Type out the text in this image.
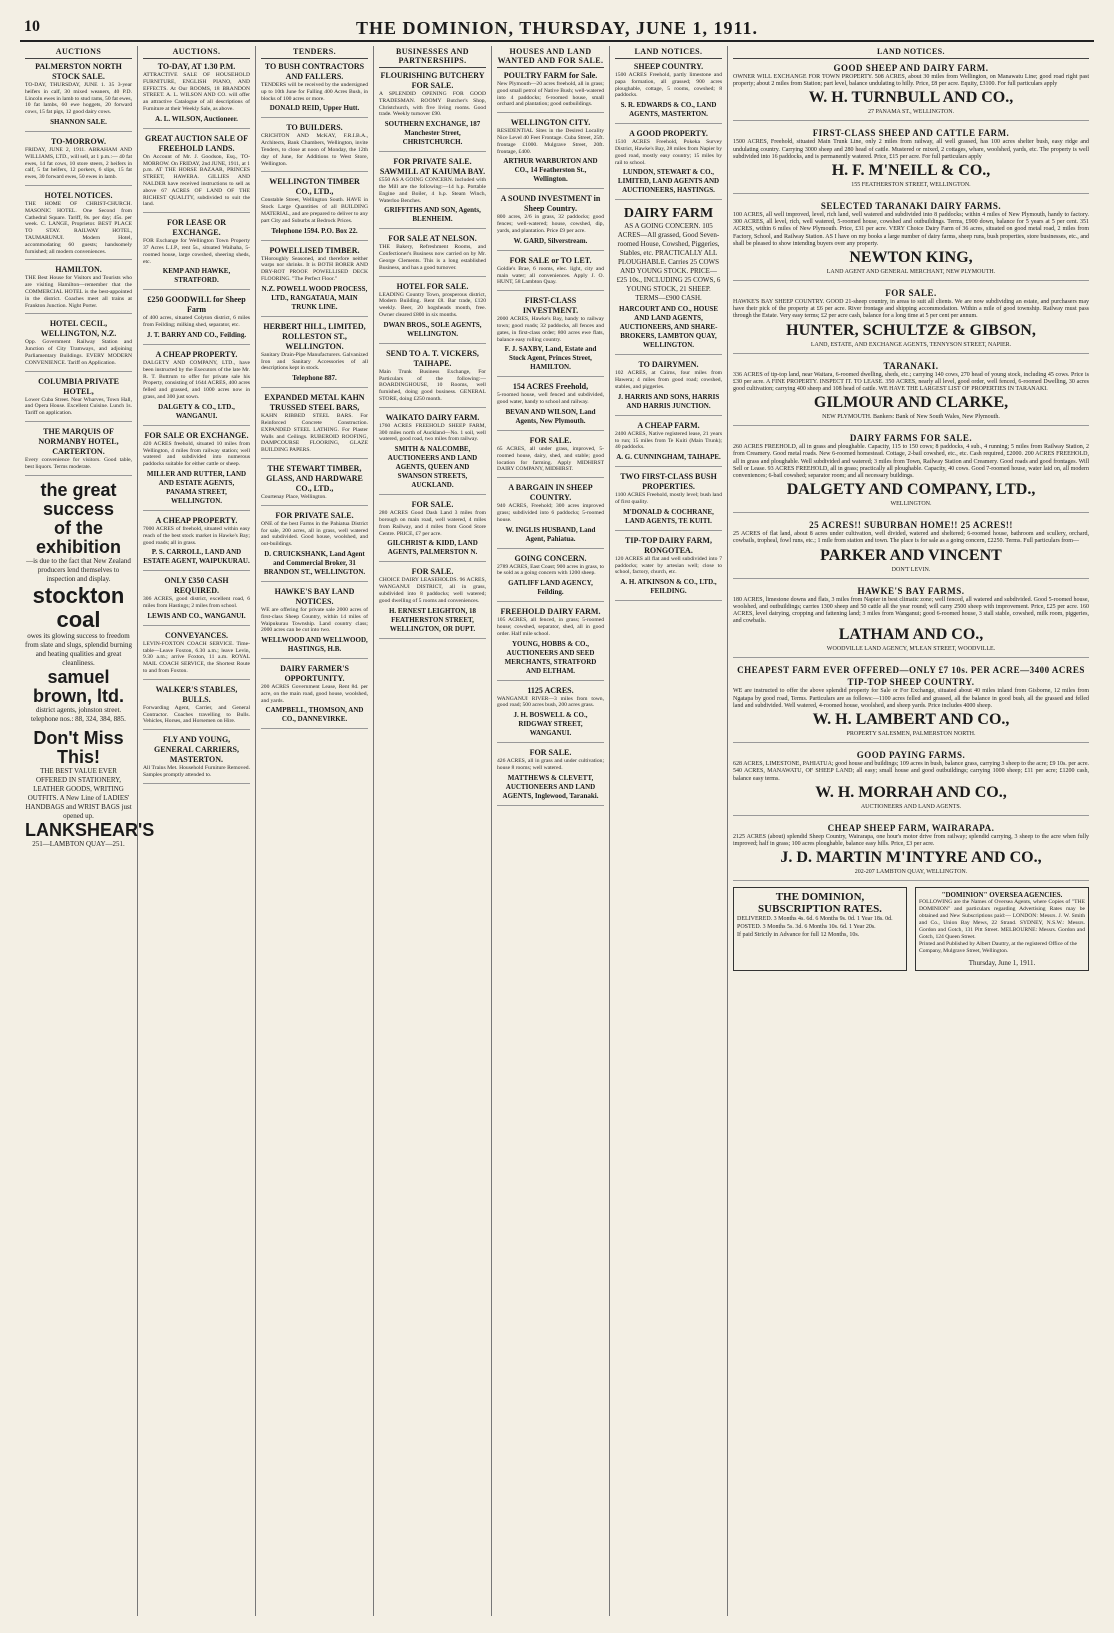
10	THE DOMINION, THURSDAY, JUNE 1, 1911.
AUCTIONS
PALMERSTON NORTH STOCK SALE.
TO-DAY, THURSDAY, JUNE 1. 35 3-year heifers in calf, 30 mixed weaners, 40 P.D. Lincoln ewes in lamb to stud rams, 50 fat ewes, 10 fat lambs, 60 ewe hoggets, 20 forward cows, 15 fat pigs, 12 good dairy cows.
SHANNON SALE.
TO-MORROW.
FRIDAY, JUNE 2, 1911. ABRAHAM AND WILLIAMS, LTD., will sell, at 1 p.m.:— 40 fat ewes, 14 fat cows, 10 store steers, 2 heifers in calf, 5 fat heifers, 12 porkers, 6 slips, 15 fat ewes, 30 forward ewes, 50 ewes in lamb.
HOTEL NOTICES.
THE HOME OF CHRIST-CHURCH. MASONIC HOTEL. One Second from Cathedral Square. Tariff, 8s. per day; 45s. per week. C. LANGE, Proprietor. BEST PLACE TO STAY. RAILWAY HOTEL, TAUMARUNUI. Modern Hotel, accommodating 60 guests; handsomely furnished; all modern conveniences.
HAMILTON.
THE Best House for Visitors and Tourists who are visiting Hamilton—remember that the COMMERCIAL HOTEL is the best-appointed in the district. Coaches meet all trains at Frankton Junction. Night Porter.
HOTEL CECIL, WELLINGTON, N.Z.
Opp. Government Railway Station and Junction of City Tramways, and adjoining Parliamentary Buildings. EVERY MODERN CONVENIENCE. Tariff on Application.
COLUMBIA PRIVATE HOTEL,
Lower Cuba Street. Near Wharves, Town Hall, and Opera House. Excellent Cuisine. Lunch 1s. Tariff on application.
THE MARQUIS OF NORMANBY HOTEL, CARTERTON.
Every convenience for visitors. Good table, best liquors. Terms moderate.
the great success
of the
exhibition
—is due to the fact that New Zealand producers lend themselves to inspection and display.
stockton coal
owes its glowing success to freedom from slate and slugs, splendid burning and heating qualities and great cleanliness.
samuel brown, ltd.
district agents, johnston street. telephone nos.: 88, 324, 384, 885.
Don't Miss This!
THE BEST VALUE EVER OFFERED IN STATIONERY, LEATHER GOODS, WRITING OUTFITS. A New Line of LADIES' HANDBAGS and WRIST BAGS just opened up.
LANKSHEAR'S
251—LAMBTON QUAY—251.
AUCTIONS.
TO-DAY, AT 1.30 P.M.
ATTRACTIVE SALE OF HOUSEHOLD FURNITURE, ENGLISH PIANO, AND EFFECTS. At Our ROOMS, 18 BRANDON STREET. A. L. WILSON AND CO. will offer an attractive Catalogue of all descriptions of Furniture at their Weekly Sale, as above.
A. L. WILSON, Auctioneer.
GREAT AUCTION SALE OF FREEHOLD LANDS.
On Account of Mr. J. Goodson, Esq., TO-MORROW. On FRIDAY, 2nd JUNE, 1911, at 1 p.m. AT THE HORSE BAZAAR, PRINCES STREET, HAWERA. GILLIES AND NALDER have received instructions to sell as above 67 ACRES OF LAND OF THE RICHEST QUALITY, subdivided to suit the land.
FOR LEASE OR EXCHANGE.
FOR Exchange for Wellington Town Property 37 Acres L.I.P., rent 5s., situated Waihaha, 5-roomed house, large cowshed, sheering sheds, etc.
KEMP AND HAWKE, STRATFORD.
£250 GOODWILL for Sheep Farm
of 400 acres, situated Colyton district, 6 miles from Feilding; milking shed, separator, etc.
J. T. BARRY AND CO., Feilding.
A CHEAP PROPERTY.
DALGETY AND COMPANY, LTD., have been instructed by the Executors of the late Mr. R. T. Buttrum to offer for private sale his Property, consisting of 1644 ACRES, 400 acres felled and grassed, and 1000 acres now in grass, and 300 just sown.
DALGETY & CO., LTD., WANGANUI.
FOR SALE OR EXCHANGE.
420 ACRES freehold, situated 10 miles from Wellington, 4 miles from railway station; well watered and subdivided into numerous paddocks suitable for either cattle or sheep.
MILLER AND RUTTER, LAND AND ESTATE AGENTS, PANAMA STREET, WELLINGTON.
A CHEAP PROPERTY.
7000 ACRES of freehold, situated within easy reach of the best stock market in Hawke's Bay; good roads; all in grass.
P. S. CARROLL, LAND AND ESTATE AGENT, WAIPUKURAU.
ONLY £350 CASH REQUIRED.
306 ACRES, good district, excellent road, 6 miles from Hastings; 2 miles from school.
LEWIS AND CO., WANGANUI.
CONVEYANCES.
LEVIN-FOXTON COACH SERVICE. Time-table—Leave Foxton, 6.30 a.m.; leave Levin, 9.30 a.m.; arrive Foxton, 11 a.m. ROYAL MAIL COACH SERVICE, the Shortest Route to and from Foxton.
WALKER'S STABLES, BULLS.
Forwarding Agent, Carrier, and General Contractor. Coaches travelling to Bulls. Vehicles, Horses, and Horsemen on Hire.
FLY AND YOUNG, GENERAL CARRIERS, MASTERTON.
All Trains Met. Household Furniture Removed. Samples promptly attended to.
TENDERS.
TO BUSH CONTRACTORS AND FALLERS.
TENDERS will be received by the undersigned up to 10th June for Falling 400 Acres Bush, in blocks of 100 acres or more.
DONALD REID, Upper Hutt.
TO BUILDERS.
CRICHTON AND McKAY, F.R.I.B.A., Architects, Bank Chambers, Wellington, invite Tenders, to close at noon of Monday, the 12th day of June, for Additions to West Store, Wellington.
WELLINGTON TIMBER CO., LTD.,
Constable Street, Wellington South. HAVE in Stock Large Quantities of all BUILDING MATERIAL, and are prepared to deliver to any part City and Suburbs at Bedrock Prices.
Telephone 1594. P.O. Box 22.
POWELLISED TIMBER.
THoroughly Seasoned, and therefore neither warps nor shrinks. It is BOTH BORER AND DRY-ROT PROOF. POWELLISED DECK FLOORING. "The Perfect Floor."
N.Z. POWELL WOOD PROCESS, LTD., RANGATAUA, MAIN TRUNK LINE.
HERBERT HILL, LIMITED, ROLLESTON ST., WELLINGTON.
Sanitary Drain-Pipe Manufacturers. Galvanized Iron and Sanitary Accessories of all descriptions kept in stock.
Telephone 887.
EXPANDED METAL KAHN TRUSSED STEEL BARS,
KAHN RIBBED STEEL BARS. For Reinforced Concrete Construction. EXPANDED STEEL LATHING. For Plaster Walls and Ceilings. RUBEROID ROOFING, DAMPCOURSE FLOORING, GLAZE BUILDING PAPERS.
THE STEWART TIMBER, GLASS, AND HARDWARE CO., LTD.,
Courtenay Place, Wellington.
FOR PRIVATE SALE.
ONE of the best Farms in the Pahiatua District for sale, 200 acres, all in grass, well watered and subdivided. Good house, woolshed, and out-buildings.
D. CRUICKSHANK, Land Agent and Commercial Broker, 31 BRANDON ST., WELLINGTON.
HAWKE'S BAY LAND NOTICES.
WE are offering for private sale 2000 acres of first-class Sheep Country, within 14 miles of Waipukurau Township. Land country class; 2000 acres can be cut into two.
WELLWOOD AND WELLWOOD, HASTINGS, H.B.
DAIRY FARMER'S OPPORTUNITY.
200 ACRES Government Lease, Rent 8d. per acre, on the main road, good house, woolshed, and yards.
CAMPBELL, THOMSON, AND CO., DANNEVIRKE.
BUSINESSES AND PARTNERSHIPS.
FLOURISHING BUTCHERY FOR SALE.
A SPLENDID OPENING FOR GOOD TRADESMAN. ROOMY Butcher's Shop, Christchurch, with five living rooms. Good trade. Weekly turnover £90.
SOUTHERN EXCHANGE, 187 Manchester Street, CHRISTCHURCH.
FOR PRIVATE SALE. SAWMILL AT KAIUMA BAY.
£550 AS A GOING CONCERN. Included with the Mill are the following:—14 h.p. Portable Engine and Boiler, 4 h.p. Steam Winch, Waterloo Benches.
GRIFFITHS AND SON, Agents, BLENHEIM.
FOR SALE AT NELSON.
THE Bakery, Refreshment Rooms, and Confectioner's Business now carried on by Mr. George Clements. This is a long established Business, and has a good turnover.
HOTEL FOR SALE.
LEADING Country Town, prosperous district, Modern Building. Rent £8. Bar trade, £120 weekly. Beer, 20 hogsheads month, free. Owner cleared £800 in six months.
DWAN BROS., SOLE AGENTS, WELLINGTON.
SEND TO A. T. VICKERS, TAIHAPE.
Main Trunk Business Exchange, For Particulars of the following:— BOARDINGHOUSE, 10 Rooms, well furnished, doing good business. GENERAL STORE, doing £250 month.
WAIKATO DAIRY FARM.
1760 ACRES FREEHOLD SHEEP FARM, 300 miles north of Auckland—No. 1 soil, well watered, good road, two miles from railway.
SMITH & NALCOMBE, AUCTIONEERS AND LAND AGENTS, QUEEN AND SWANSON STREETS, AUCKLAND.
FOR SALE.
280 ACRES Good Dash Land 3 miles from borough on main road, well watered, 4 miles from Railway, and 4 miles from Good Store Centre. PRICE, £7 per acre.
GILCHRIST & KIDD, LAND AGENTS, PALMERSTON N.
FOR SALE.
CHOICE DAIRY LEASEHOLDS. 96 ACRES, WANGANUI DISTRICT, all in grass, subdivided into 8 paddocks; well watered; good dwelling of 5 rooms and conveniences.
H. ERNEST LEIGHTON, 18 FEATHERSTON STREET, WELLINGTON, OR DUPT.
HOUSES AND LAND WANTED AND FOR SALE.
POULTRY FARM for Sale.
New Plymouth—20 acres freehold, all in grass; good small petrol of Native Bush; well-watered into 4 paddocks; 6-roomed house, small orchard and plantation; good outbuildings.
WELLINGTON CITY.
RESIDENTIAL Sites in the Desired Locality Nice Level 40 Feet Frontage. Cuba Street, 25ft. frontage £1000. Mulgrave Street, 20ft. frontage, £400.
ARTHUR WARBURTON AND CO., 14 Featherston St., Wellington.
A SOUND INVESTMENT in Sheep Country.
800 acres, 2/6 in grass, 32 paddocks; good fences; well-watered; house, cowshed, dip, yards, and plantation. Price £9 per acre.
W. GARD, Silverstream.
FOR SALE or TO LET.
Goldie's Brae, 6 rooms, elec. light, city and main water; all conveniences. Apply J. O. HUNT, 58 Lambton Quay.
FIRST-CLASS INVESTMENT.
2000 ACRES, Hawke's Bay, handy to railway town; good roads; 32 paddocks, all fences and gates, in first-class order; 800 acres ewe flats, balance easy rolling country.
F. J. SAXBY, Land, Estate and Stock Agent, Princes Street, HAMILTON.
154 ACRES Freehold,
5-roomed house, well fenced and subdivided, good water, handy to school and railway.
BEVAN AND WILSON, Land Agents, New Plymouth.
FOR SALE.
65 ACRES, all under grass, improved, 5-roomed house, dairy, shed, and stable; good location for farming. Apply MIDHIRST DAIRY COMPANY, MIDHIRST.
A BARGAIN IN SHEEP COUNTRY.
940 ACRES, Freehold; 300 acres improved grass; subdivided into 6 paddocks; 5-roomed house.
W. INGLIS HUSBAND, Land Agent, Pahiatua.
GOING CONCERN.
2789 ACRES, East Coast; 900 acres in grass, to be sold as a going concern with 1200 sheep.
GATLIFF LAND AGENCY, Feilding.
FREEHOLD DAIRY FARM.
105 ACRES, all fenced, in grass; 5-roomed house; cowshed, separator, shed, all in good order. Half mile school.
YOUNG, HOBBS & CO., AUCTIONEERS AND SEED MERCHANTS, STRATFORD AND ELTHAM.
1125 ACRES.
WANGANUI RIVER—3 miles from town, good road; 500 acres bush, 200 acres grass.
J. H. BOSWELL & CO., RIDGWAY STREET, WANGANUI.
FOR SALE.
426 ACRES, all in grass and under cultivation; house 8 rooms; well watered.
MATTHEWS & CLEVETT, AUCTIONEERS AND LAND AGENTS, Inglewood, Taranaki.
LAND NOTICES.
SHEEP COUNTRY.
1500 ACRES Freehold, partly limestone and papa formation, all grassed; 900 acres ploughable, cottage, 5 rooms, cowshed; 8 paddocks.
S. R. EDWARDS & CO., LAND AGENTS, MASTERTON.
A GOOD PROPERTY.
1510 ACRES Freehold, Pokeka Survey District, Hawke's Bay, 28 miles from Napier by good road, mostly easy country; 15 miles by rail to school.
LUNDON, STEWART & CO., LIMITED, LAND AGENTS AND AUCTIONEERS, HASTINGS.
DAIRY FARM
AS A GOING CONCERN. 105 ACRES—All grassed, Good Seven-roomed House, Cowshed, Piggeries, Stables, etc. PRACTICALLY ALL PLOUGHABLE. Carries 25 COWS AND YOUNG STOCK. PRICE—£25 10s., INCLUDING 25 COWS, 6 YOUNG STOCK, 21 SHEEP. TERMS—£900 CASH.
HARCOURT AND CO., HOUSE AND LAND AGENTS, AUCTIONEERS, AND SHARE-BROKERS, LAMBTON QUAY, WELLINGTON.
TO DAIRYMEN.
102 ACRES, at Cairns, four miles from Hawera; 4 miles from good road; cowshed, stables, and piggeries.
J. HARRIS AND SONS, HARRIS AND HARRIS JUNCTION.
A CHEAP FARM.
2400 ACRES, Native registered lease, 21 years to run; 15 miles from Te Kuiti (Main Trunk); 40 paddocks.
A. G. CUNNINGHAM, TAIHAPE.
TWO FIRST-CLASS BUSH PROPERTIES.
1100 ACRES Freehold, mostly level; bush land of first quality.
M'DONALD & COCHRANE, LAND AGENTS, TE KUITI.
TIP-TOP DAIRY FARM, RONGOTEA.
120 ACRES all flat and well subdivided into 7 paddocks; water by artesian well; close to school, factory, church, etc.
A. H. ATKINSON & CO., LTD., FEILDING.
LAND NOTICES.
GOOD SHEEP AND DAIRY FARM.
OWNER WILL EXCHANGE FOR TOWN PROPERTY. 508 ACRES, about 30 miles from Wellington, on Manawatu Line; good road right past property; about 2 miles from Station; part level, balance undulating to hilly. Price, £8 per acre. Equity, £3100. For full particulars apply
W. H. TURNBULL AND CO.,
27 PANAMA ST., WELLINGTON.
FIRST-CLASS SHEEP AND CATTLE FARM.
1500 ACRES, Freehold, situated Main Trunk Line, only 2 miles from railway, all well grassed, has 100 acres shelter bush, easy ridge and undulating country. Carrying 3000 sheep and 280 head of cattle. Mustered or mixed, 2 cottages, whare, woolshed, yards, etc. The property is well subdivided into 16 paddocks, and is permanently watered. Price, £15 per acre. For full particulars apply
H. F. M'NEILL & CO.,
155 FEATHERSTON STREET, WELLINGTON.
SELECTED TARANAKI DAIRY FARMS.
100 ACRES, all well improved, level, rich land, well watered and subdivided into 8 paddocks; within 4 miles of New Plymouth, handy to factory. 300 ACRES, all level, rich, well watered, 5-roomed house, cowshed and outbuildings. Terms, £900 down, balance for 5 years at 5 per cent. 351 ACRES, within 6 miles of New Plymouth. Price, £31 per acre. VERY Choice Dairy Farm of 36 acres, situated on good metal road, 2 miles from Factory, School, and Railway Station. AS I have on my books a large number of dairy farms, sheep runs, bush properties, store businesses, etc., and shall be pleased to show intending buyers over any property.
NEWTON KING,
LAND AGENT AND GENERAL MERCHANT, NEW PLYMOUTH.
FOR SALE.
HAWKE'S BAY SHEEP COUNTRY. GOOD 21-sheep country, in areas to suit all clients. We are now subdividing an estate, and purchasers may have their pick of the property at £6 per acre. River frontage and shipping accommodation. Within a mile of good township. Railway must pass through the Estate. Very easy terms; £2 per acre cash, balance for a long time at 5 per cent per annum.
HUNTER, SCHULTZE & GIBSON,
LAND, ESTATE, AND EXCHANGE AGENTS, TENNYSON STREET, NAPIER.
TARANAKI.
336 ACRES of tip-top land, near Waitara, 6-roomed dwelling, sheds, etc.; carrying 140 cows, 270 head of young stock, including 45 cows. Price is £30 per acre. A FINE PROPERTY. INSPECT IT. TO LEASE. 350 ACRES, nearly all level, good order, well fenced, 6-roomed Dwelling, 30 acres good cultivation; carrying 400 sheep and 108 head of cattle. WE HAVE THE LARGEST LIST OF PROPERTIES IN TARANAKI.
GILMOUR AND CLARKE,
NEW PLYMOUTH. Bankers: Bank of New South Wales, New Plymouth.
DAIRY FARMS FOR SALE.
260 ACRES FREEHOLD, all in grass and ploughable. Capacity, 115 to 150 cows; 8 paddocks, 4 sub., 4 running; 5 miles from Railway Station, 2 from Creamery. Good metal roads. New 6-roomed homestead. Cottage, 2-bail cowshed, etc., etc. Cash required, £2000. 200 ACRES FREEHOLD, all in grass and ploughable. Well subdivided and watered; 3 miles from Town, Railway Station and Creamery. Good roads and good frontages. Will Sell or Lease. 93 ACRES FREEHOLD, all in grass; practically all ploughable. Capacity, 40 cows. Good 7-roomed house, water laid on, all modern conveniences; 6-bail cowshed; separator room; and all necessary buildings.
DALGETY AND COMPANY, LTD.,
WELLINGTON.
25 ACRES!! SUBURBAN HOME!! 25 ACRES!!
25 ACRES of flat land, about 8 acres under cultivation, well divided, watered and sheltered; 6-roomed house, bathroom and scullery, orchard, cowbails, tropheal, fowl runs, etc.; 1 mile from station and town. The place is for sale as a going concern, £2250. Terms. Full particulars from—
PARKER AND VINCENT
DON'T LEVIN.
HAWKE'S BAY FARMS.
180 ACRES, limestone downs and flats, 3 miles from Napier in best climatic zone; well fenced, all watered and subdivided. Good 5-roomed house, woolshed, and outbuildings; carries 1300 sheep and 50 cattle all the year round; will carry 2500 sheep with improvement. Price, £25 per acre. 160 ACRES, level dairying, cropping and fattening land; 3 miles from Wanganui; good 6-roomed house, 3 stall stable, cowshed, milk room, piggeries, and cowbails.
LATHAM AND CO.,
WOODVILLE LAND AGENCY, M'LEAN STREET, WOODVILLE.
CHEAPEST FARM EVER OFFERED—ONLY £7 10s. PER ACRE—3400 ACRES TIP-TOP SHEEP COUNTRY.
WE are instructed to offer the above splendid property for Sale or For Exchange, situated about 40 miles inland from Gisborne, 12 miles from Ngatapa by good road, Terms. Particulars are as follows:—1100 acres felled and grassed, all the balance in good bush, all the grassed and felled land and subdivided. Well watered, 4-roomed house, woolshed, and sheep yards. Price includes 4000 sheep.
W. H. LAMBERT AND CO.,
PROPERTY SALESMEN, PALMERSTON NORTH.
GOOD PAYING FARMS.
628 ACRES, LIMESTONE, PAHIATUA; good house and buildings; 109 acres in bush, balance grass, carrying 3 sheep to the acre; £9 10s. per acre. 540 ACRES, MANAWATU, OF SHEEP LAND; all easy; small house and good outbuildings; carrying 1000 sheep; £11 per acre; £1200 cash, balance easy terms.
W. H. MORRAH AND CO.,
AUCTIONEERS AND LAND AGENTS.
CHEAP SHEEP FARM, WAIRARAPA.
2125 ACRES (about) splendid Sheep Country, Wairarapa, one hour's motor drive from railway; splendid carrying, 3 sheep to the acre when fully improved; half in grass; 100 acres ploughable, balance easy hills. Price, £3 per acre.
J. D. MARTIN M'INTYRE AND CO.,
202-207 LAMBTON QUAY, WELLINGTON.
THE DOMINION, SUBSCRIPTION RATES.
DELIVERED. 3 Months 4s. 6d. 6 Months 9s. 0d. 1 Year 18s. 0d.
POSTED. 3 Months 5s. 3d. 6 Months 10s. 6d. 1 Year 20s.
If paid Strictly in Advance for full 12 Months, 10s.
"DOMINION" OVERSEA AGENCIES.
FOLLOWING are the Names of Oversea Agents, where Copies of "THE DOMINION" and particulars regarding Advertising Rates may be obtained and New Subscriptions paid:— LONDON: Messrs. J. W. Smith and Co., Union Bay Mews, 22 Strand. SYDNEY, N.S.W.: Messrs. Gordon and Gotch, 131 Pitt Street. MELBOURNE: Messrs. Gordon and Gotch, 124 Queen Street.
Printed and Published by Albert Dauttry, at the registered Office of the Company, Mulgrave Street, Wellington.
Thursday, June 1, 1911.
